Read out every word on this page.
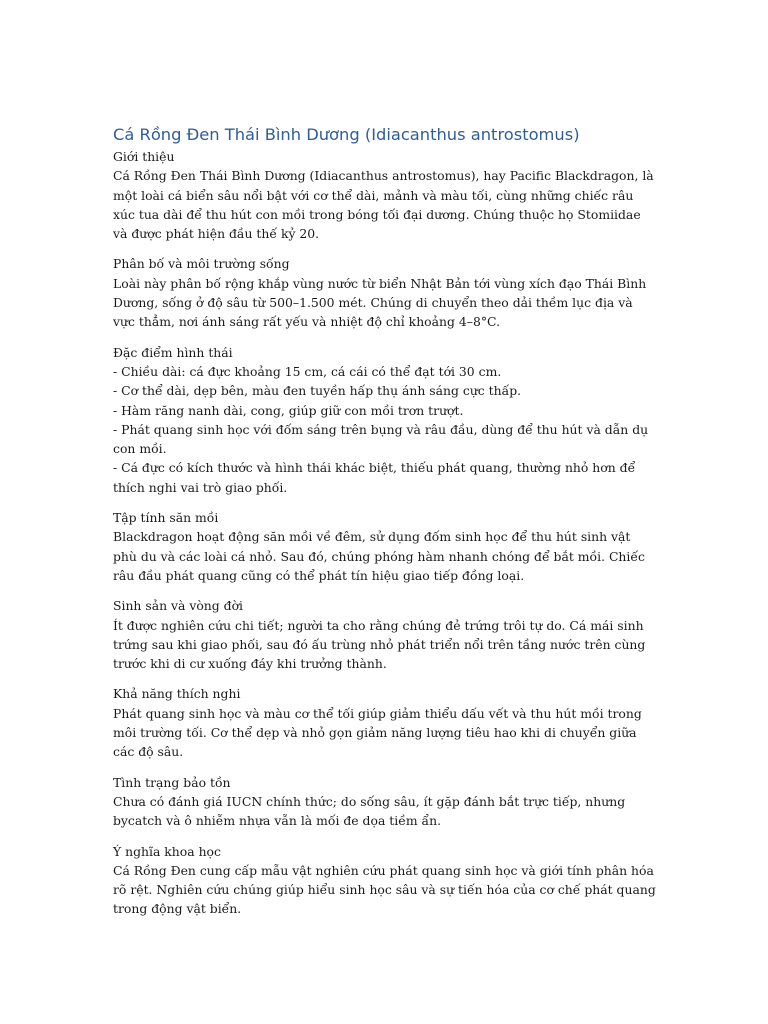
Cá Rồng Đen Thái Bình Dương (Idiacanthus antrostomus)

Giới thiệu

Cá Rồng Đen Thái Bình Dương (Idiacanthus antrostomus), hay Pacific Blackdragon, là một loài cá biển sâu nổi bật với cơ thể dài, mảnh và màu tối, cùng những chiếc râu xúc tua dài để thu hút con mồi trong bóng tối đại dương. Chúng thuộc họ Stomiidae và được phát hiện đầu thế kỷ 20.

Phân bố và môi trường sống

Loài này phân bố rộng khắp vùng nước từ biển Nhật Bản tới vùng xích đạo Thái Bình Dương, sống ở độ sâu từ 500–1.500 mét. Chúng di chuyển theo dải thềm lục địa và vực thẳm, nơi ánh sáng rất yếu và nhiệt độ chỉ khoảng 4–8°C.

Đặc điểm hình thái

- Chiều dài: cá đực khoảng 15 cm, cá cái có thể đạt tới 30 cm.
- Cơ thể dài, dẹp bên, màu đen tuyền hấp thụ ánh sáng cực thấp.
- Hàm răng nanh dài, cong, giúp giữ con mồi trơn trượt.
- Phát quang sinh học với đốm sáng trên bụng và râu đầu, dùng để thu hút và dẫn dụ con mồi.
- Cá đực có kích thước và hình thái khác biệt, thiếu phát quang, thường nhỏ hơn để thích nghi vai trò giao phối.

Tập tính săn mồi

Blackdragon hoạt động săn mồi về đêm, sử dụng đốm sinh học để thu hút sinh vật phù du và các loài cá nhỏ. Sau đó, chúng phóng hàm nhanh chóng để bắt mồi. Chiếc râu đầu phát quang cũng có thể phát tín hiệu giao tiếp đồng loại.

Sinh sản và vòng đời

Ít được nghiên cứu chi tiết; người ta cho rằng chúng đẻ trứng trôi tự do. Cá mái sinh trứng sau khi giao phối, sau đó ấu trùng nhỏ phát triển nổi trên tầng nước trên cùng trước khi di cư xuống đáy khi trưởng thành.

Khả năng thích nghi

Phát quang sinh học và màu cơ thể tối giúp giảm thiểu dấu vết và thu hút mồi trong môi trường tối. Cơ thể dẹp và nhỏ gọn giảm năng lượng tiêu hao khi di chuyển giữa các độ sâu.

Tình trạng bảo tồn

Chưa có đánh giá IUCN chính thức; do sống sâu, ít gặp đánh bắt trực tiếp, nhưng bycatch và ô nhiễm nhựa vẫn là mối đe dọa tiềm ẩn.

Ý nghĩa khoa học

Cá Rồng Đen cung cấp mẫu vật nghiên cứu phát quang sinh học và giới tính phân hóa rõ rệt. Nghiên cứu chúng giúp hiểu sinh học sâu và sự tiến hóa của cơ chế phát quang trong động vật biển.
